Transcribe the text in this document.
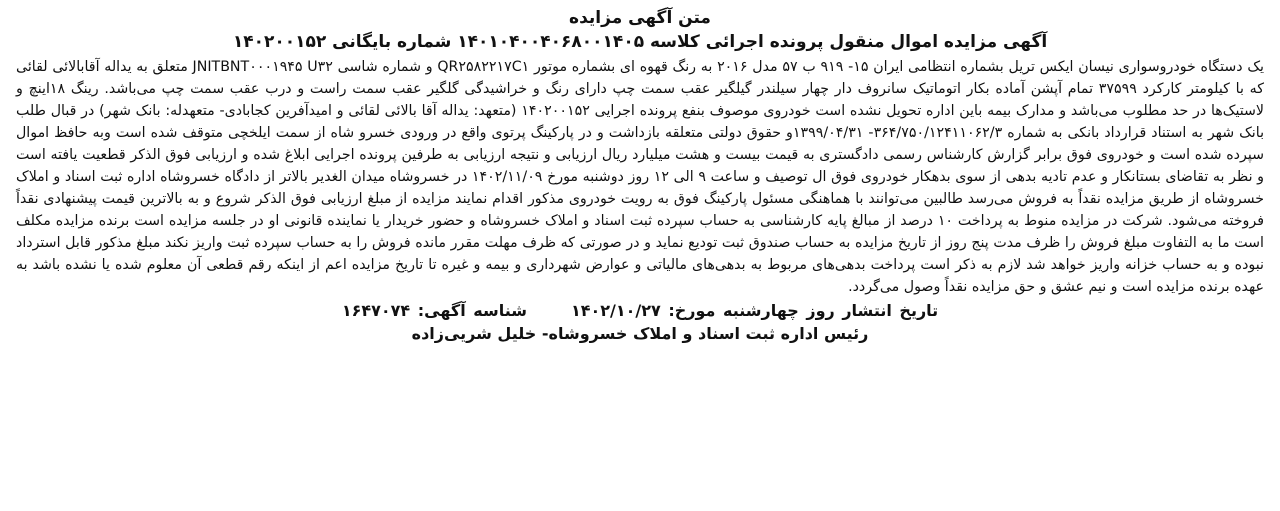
متن آگهی مزایده

آگهی مزایده اموال منقول پرونده اجرائی کلاسه ۱۴۰۱۰۴۰۰۴۰۶۸۰۰۱۴۰۵ شماره بایگانی ۱۴۰۲۰۰۱۵۲

یک دستگاه خودروسواری نیسان ایکس تریل بشماره انتظامی ایران ۱۵- ۹۱۹ ب ۵۷ مدل ۲۰۱۶ به رنگ قهوه ای بشماره موتور QR۲۵۸۲۲۱۷C۱ و شماره شاسی JNITBNT۰۰۰۱۹۴۵ U۳۲ متعلق به یداله آقابالائی لقائی که با کیلومتر کارکرد ۳۷۵۹۹ تمام آپشن آماده بکار اتوماتیک سانروف دار چهار سیلندر گیلگیر عقب سمت چپ دارای رنگ و خراشیدگی گلگیر عقب سمت راست و درب عقب سمت چپ می‌باشد. رینگ ۱۸اینچ و لاستیک‌ها در حد مطلوب می‌باشد و مدارک بیمه باین اداره تحویل نشده است خودروی موصوف بنفع پرونده اجرایی ۱۴۰۲۰۰۱۵۲ (متعهد: یداله آقا بالائی لقائی و امیدآفرین کجابادی- متعهدله: بانک شهر) در قبال طلب بانک شهر به استناد قرارداد بانکی به شماره ۳۶۴/۷۵۰/۱۲۴۱۱۰۶۲/۳- ۱۳۹۹/۰۴/۳۱و حقوق دولتی متعلقه بازداشت و در پارکینگ پرتوی واقع در ورودی خسرو شاه از سمت ایلخچی متوقف شده است وبه حافظ اموال سپرده شده است و خودروی فوق برابر گزارش کارشناس رسمی دادگستری به قیمت بیست و هشت میلیارد ریال ارزیابی و نتیجه ارزیابی به طرفین پرونده اجرایی ابلاغ شده و ارزیابی فوق الذکر قطعیت یافته است و نظر به تقاضای بستانکار و عدم تادیه بدهی از سوی بدهکار خودروی فوق ال توصیف و ساعت ۹ الی ۱۲ روز دوشنبه مورخ ۱۴۰۲/۱۱/۰۹ در خسروشاه میدان الغدیر بالاتر از دادگاه خسروشاه اداره ثبت اسناد و املاک خسروشاه از طریق مزایده نقداً به فروش می‌رسد طالبین می‌توانند با هماهنگی مسئول پارکینگ فوق به رویت خودروی مذکور اقدام نمایند مزایده از مبلغ ارزیابی فوق الذکر شروع و به بالاترین قیمت پیشنهادی نقداً فروخته می‌شود. شرکت در مزایده منوط به پرداخت ۱۰ درصد از مبالغ پایه کارشناسی به حساب سپرده ثبت اسناد و املاک خسروشاه و حضور خریدار یا نماینده قانونی او در جلسه مزایده است برنده مزایده مکلف است ما به التفاوت مبلغ فروش را ظرف مدت پنج روز از تاریخ مزایده به حساب صندوق ثبت تودیع نماید و در صورتی که ظرف مهلت مقرر مانده فروش را به حساب سپرده ثبت واریز نکند مبلغ مذکور قابل استرداد نبوده و به حساب خزانه واریز خواهد شد لازم به ذکر است پرداخت بدهی‌های مربوط به بدهی‌های مالیاتی و عوارض شهرداری و بیمه و غیره تا تاریخ مزایده اعم از اینکه رقم قطعی آن معلوم شده یا نشده باشد به عهده برنده مزایده است و نیم عشق و حق مزایده نقداً وصول می‌گردد.

تاریخ انتشار روز چهارشنبه مورخ: ۱۴۰۲/۱۰/۲۷شناسه آگهی: ۱۶۴۷۰۷۴
رئیس اداره ثبت اسناد و املاک خسروشاه- خلیل شریی‌زاده
